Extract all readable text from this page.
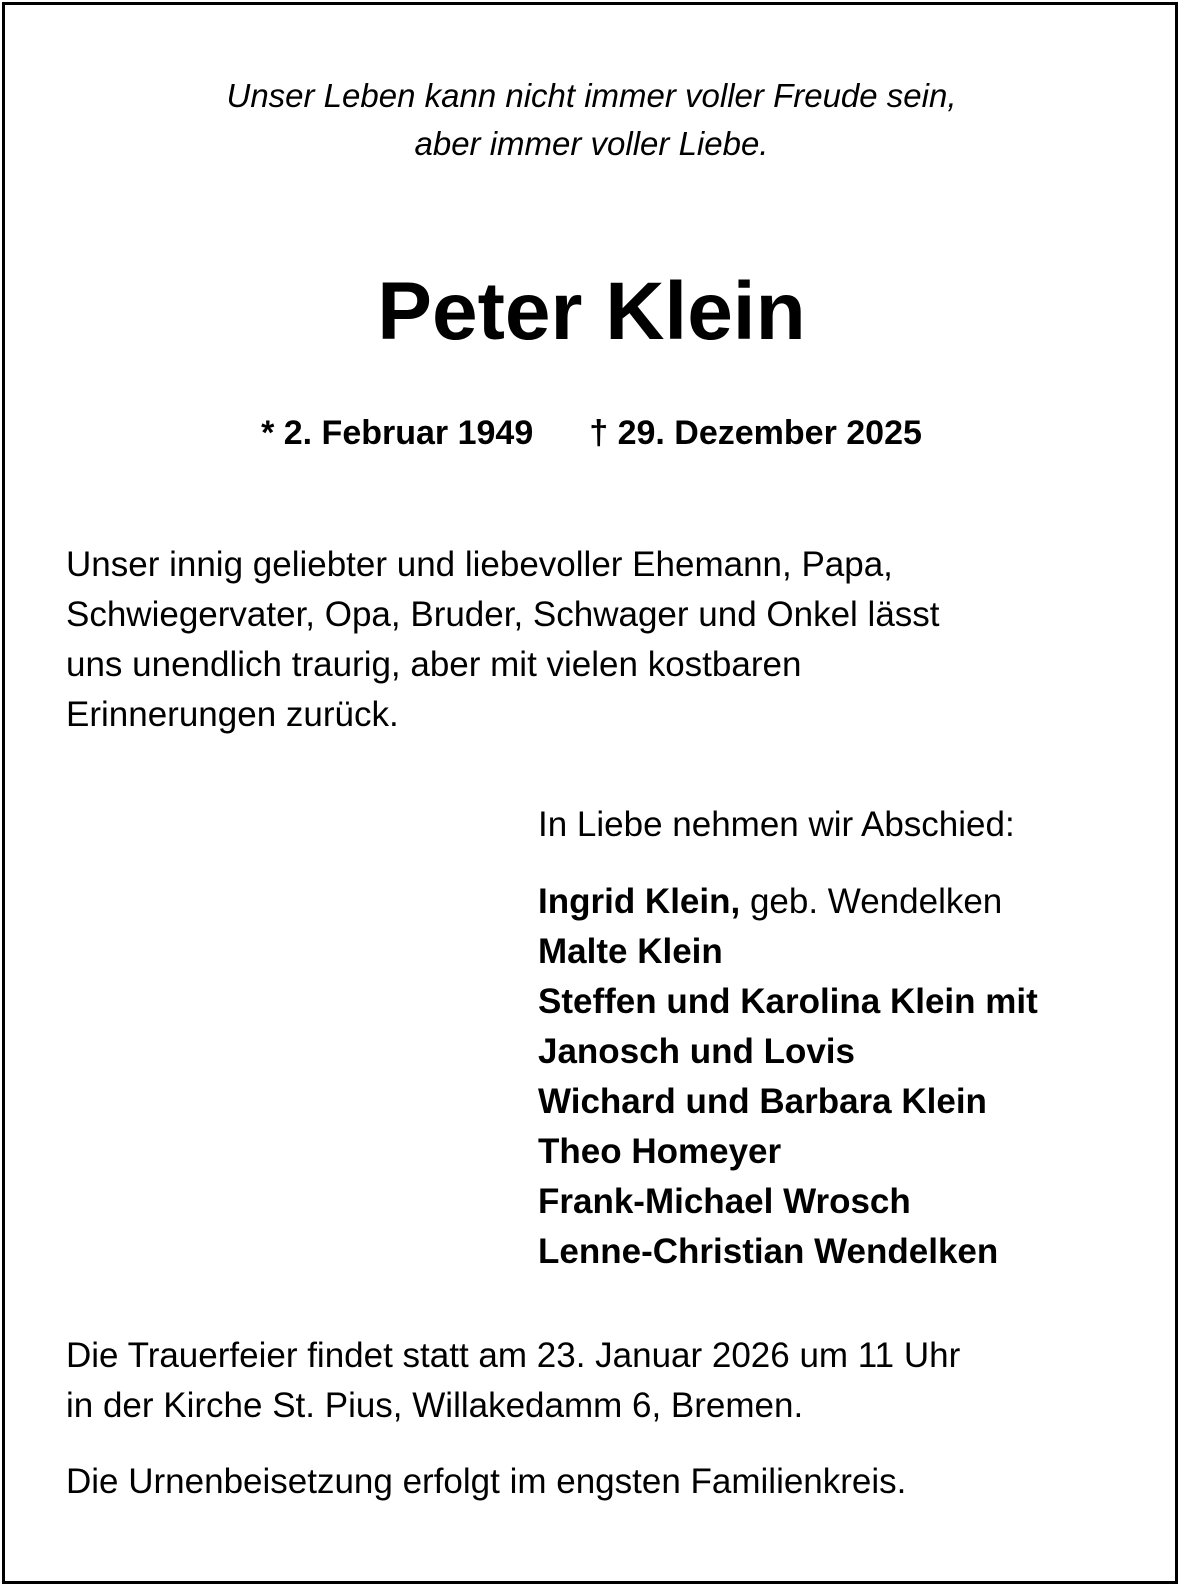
Unser Leben kann nicht immer voller Freude sein,
aber immer voller Liebe.
Peter Klein
* 2. Februar 1949 † 29. Dezember 2025
Unser innig geliebter und liebevoller Ehemann, Papa,
Schwiegervater, Opa, Bruder, Schwager und Onkel lässt
uns unendlich traurig, aber mit vielen kostbaren
Erinnerungen zurück.
In Liebe nehmen wir Abschied:
Ingrid Klein, geb. Wendelken
Malte Klein
Steffen und Karolina Klein mit
Janosch und Lovis
Wichard und Barbara Klein
Theo Homeyer
Frank-Michael Wrosch
Lenne-Christian Wendelken
Die Trauerfeier findet statt am 23. Januar 2026 um 11 Uhr
in der Kirche St. Pius, Willakedamm 6, Bremen.
Die Urnenbeisetzung erfolgt im engsten Familienkreis.
